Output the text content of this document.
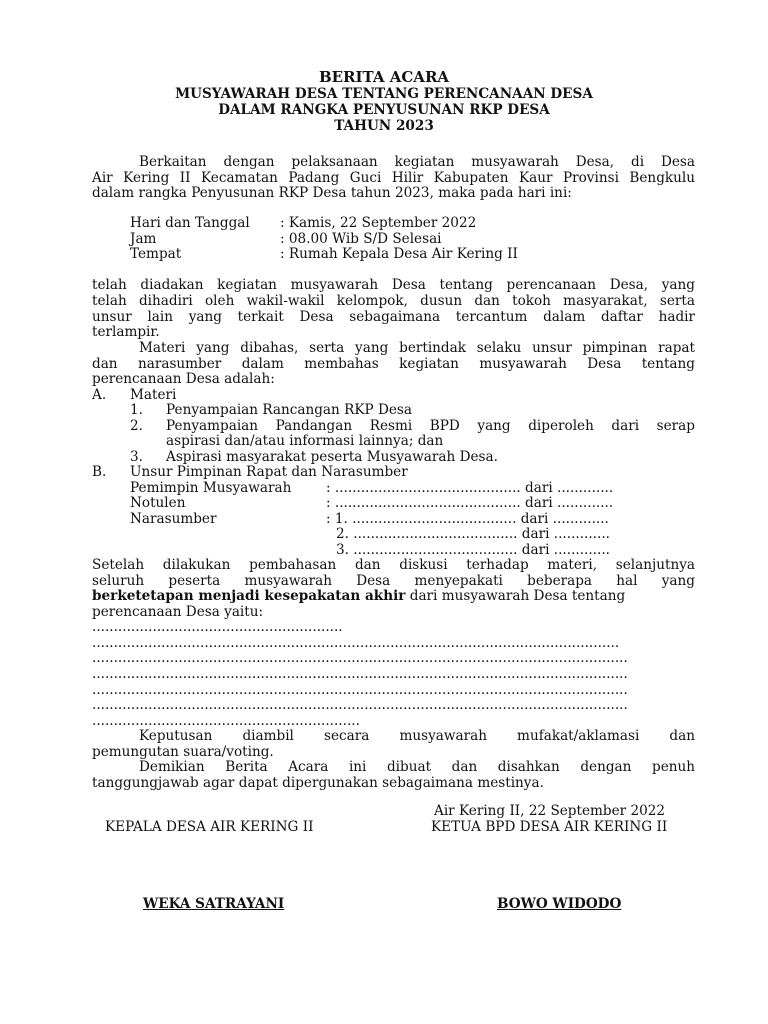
BERITA ACARA
MUSYAWARAH DESA TENTANG PERENCANAAN DESA
DALAM RANGKA PENYUSUNAN RKP DESA
TAHUN 2023
Berkaitan dengan pelaksanaan kegiatan musyawarah Desa, di Desa
Air Kering II Kecamatan Padang Guci Hilir Kabupaten Kaur Provinsi Bengkulu
dalam rangka Penyusunan RKP Desa tahun 2023, maka pada hari ini:
Hari dan Tanggal : Kamis, 22 September 2022
Jam	: 08.00 Wib S/D Selesai
Tempat	: Rumah Kepala Desa Air Kering II
telah diadakan kegiatan musyawarah Desa tentang perencanaan Desa, yang
telah dihadiri oleh wakil-wakil kelompok, dusun dan tokoh masyarakat, serta
unsur lain yang terkait Desa sebagaimana tercantum dalam daftar hadir
terlampir.
Materi yang dibahas, serta yang bertindak selaku unsur pimpinan rapat
dan narasumber dalam membahas kegiatan musyawarah Desa tentang
perencanaan Desa adalah:
A. Materi
1. Penyampaian Rancangan RKP Desa
2. Penyampaian Pandangan Resmi BPD yang diperoleh dari serap
aspirasi dan/atau informasi lainnya; dan
3. Aspirasi masyarakat peserta Musyawarah Desa.
B. Unsur Pimpinan Rapat dan Narasumber
Pemimpin Musyawarah	: ........................................... dari .............
Notulen	: ........................................... dari .............
Narasumber	: 1. ...................................... dari .............
2. ...................................... dari .............
3. ...................................... dari .............
Setelah dilakukan pembahasan dan diskusi terhadap materi, selanjutnya
seluruh peserta musyawarah Desa menyepakati beberapa hal yang
berketetapan menjadi kesepakatan akhir dari musyawarah Desa tentang
perencanaan Desa yaitu:
..........................................................
..........................................................................................................................
............................................................................................................................
............................................................................................................................
............................................................................................................................
............................................................................................................................
..............................................................
Keputusan diambil secara musyawarah mufakat/aklamasi dan
pemungutan suara/voting.
Demikian Berita Acara ini dibuat dan disahkan dengan penuh
tanggungjawab agar dapat dipergunakan sebagaimana mestinya.
Air Kering II, 22 September 2022
KEPALA DESA AIR KERING II	KETUA BPD DESA AIR KERING II
WEKA SATRAYANI	BOWO WIDODO
